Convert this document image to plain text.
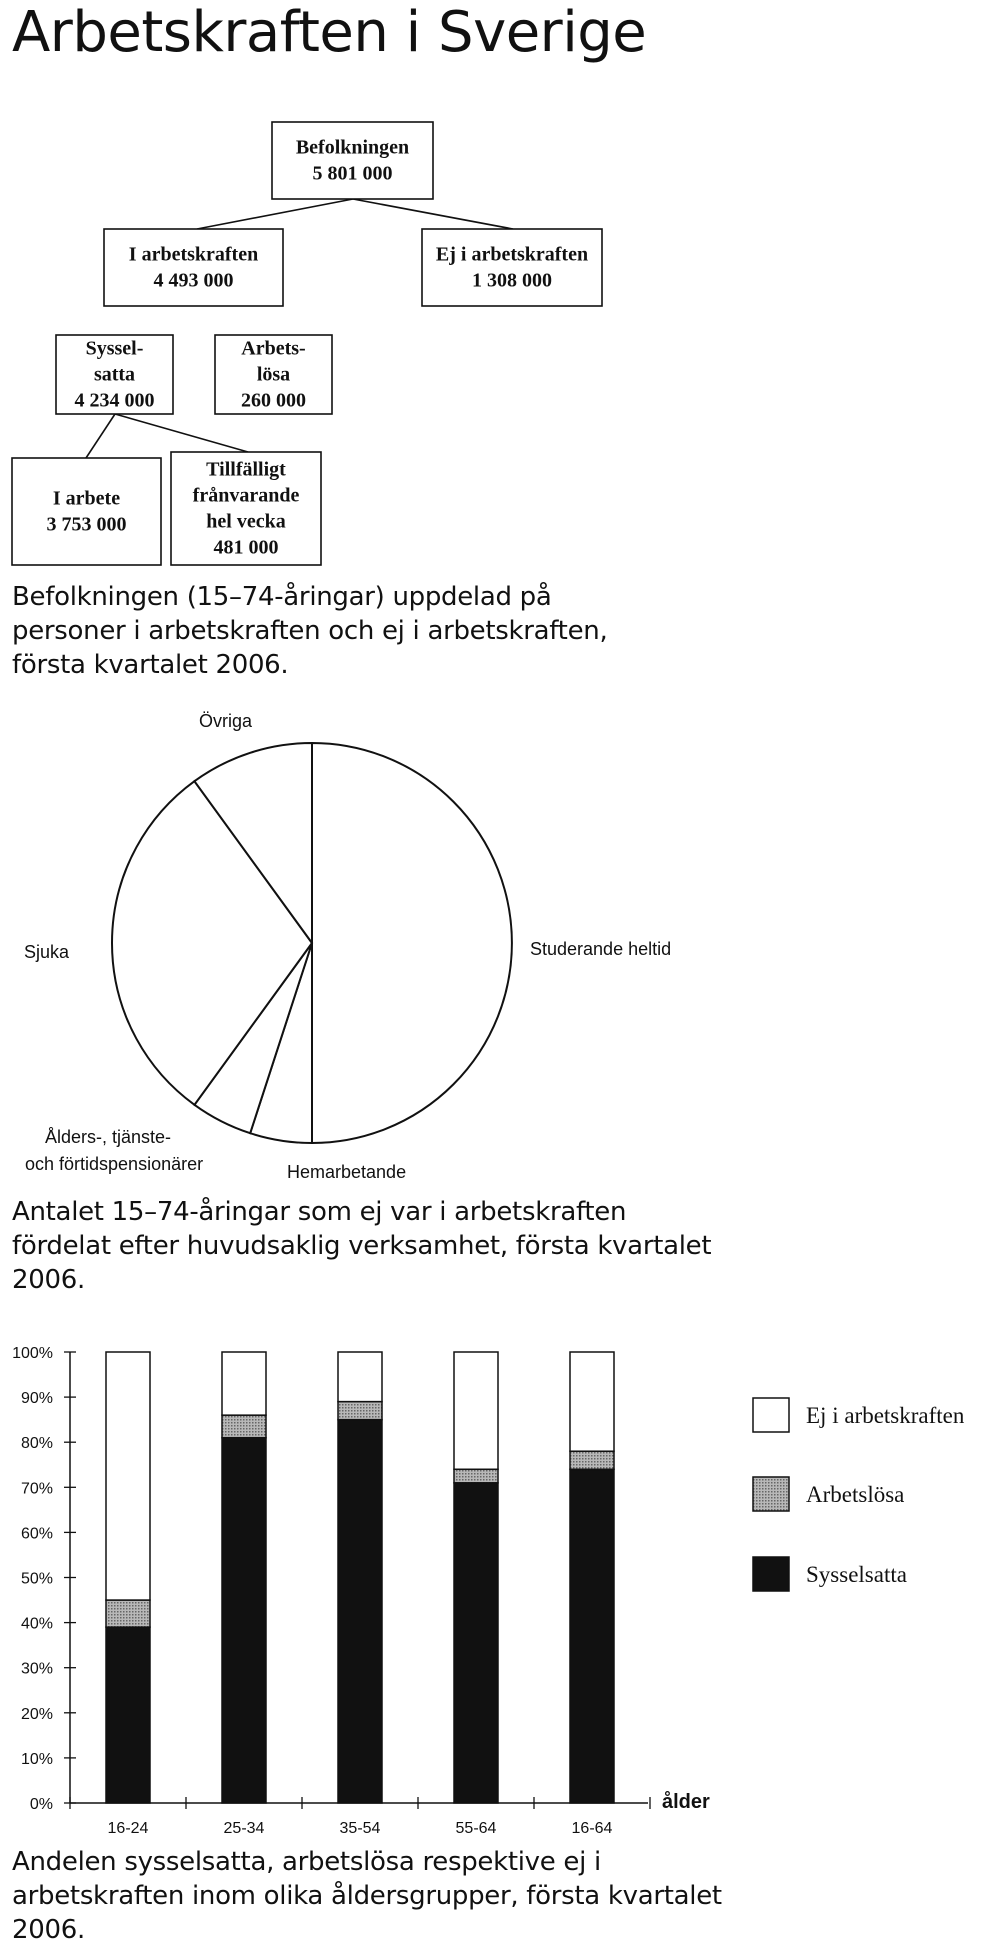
Arbetskraften i Sverige
Befolkningen
5 801 000
I arbetskraften
4 493 000
Ej i arbetskraften
1 308 000
Syssel-
satta
4 234 000
Arbets-
lösa
260 000
I arbete
3 753 000
Tillfälligt
frånvarande
hel vecka
481 000
Befolkningen (15–74-åringar) uppdelad på personer i arbetskraften och ej i arbetskraften, första kvartalet 2006.
Studerande heltid
Hemarbetande
Ålders-, tjänste-
och förtidspensionärer
Sjuka
Övriga
Antalet 15–74-åringar som ej var i arbetskraften fördelat efter huvudsaklig verksamhet, första kvartalet 2006.
0%
10%
20%
30%
40%
50%
60%
70%
80%
90%
100%
16-24	25-34	35-54	55-64	16-64
ålder
Ej i arbetskraften
Arbetslösa
Sysselsatta
Andelen sysselsatta, arbetslösa respektive ej i arbetskraften inom olika åldersgrupper, första kvartalet 2006.
